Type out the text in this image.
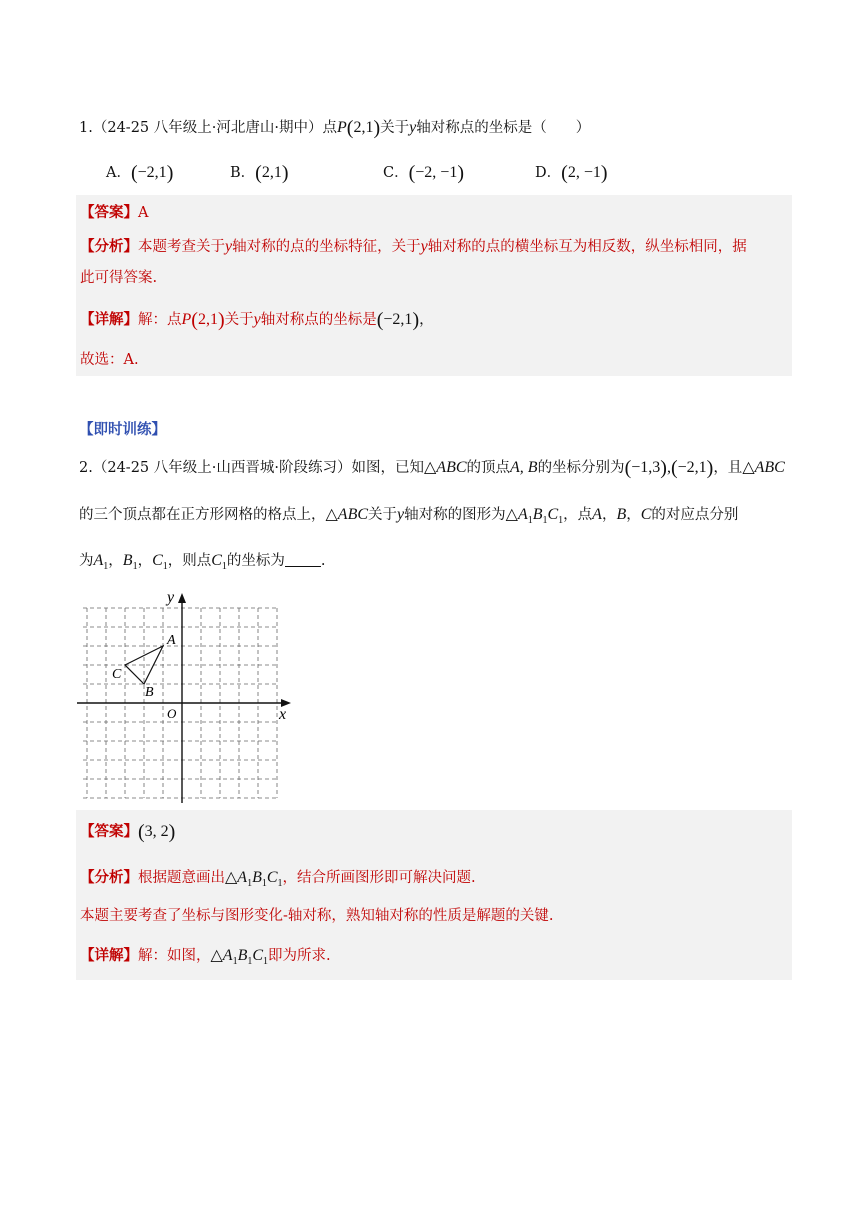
1.（24-25 八年级上·河北唐山·期中）点P(2,1)关于y轴对称点的坐标是（　　）
A．(−2,1)	B．(2,1)	C．(−2, −1)	D．(2, −1)
【答案】A
【分析】本题考查关于y轴对称的点的坐标特征，关于y轴对称的点的横坐标互为相反数，纵坐标相同，据
此可得答案.
【详解】解：点P(2,1)关于y轴对称点的坐标是(−2,1)，
故选：A.
【即时训练】
2.（24-25 八年级上·山西晋城·阶段练习）如图，已知△ABC的顶点A, B的坐标分别为(−1,3),(−2,1)，且△ABC
的三个顶点都在正方形网格的格点上，△ABC关于y轴对称的图形为$\triangle A_1B_1C_1$，点A，B，C的对应点分别
为$A_1$，$B_1$，$C_1$，则点$C_1$的坐标为 .
A
B
C
O	x
y
【答案】(3, 2)
【分析】根据题意画出$\triangle A_1B_1C_1$，结合所画图形即可解决问题.
本题主要考查了坐标与图形变化-轴对称，熟知轴对称的性质是解题的关键.
【详解】解：如图，$\triangle A_1B_1C_1$即为所求.
